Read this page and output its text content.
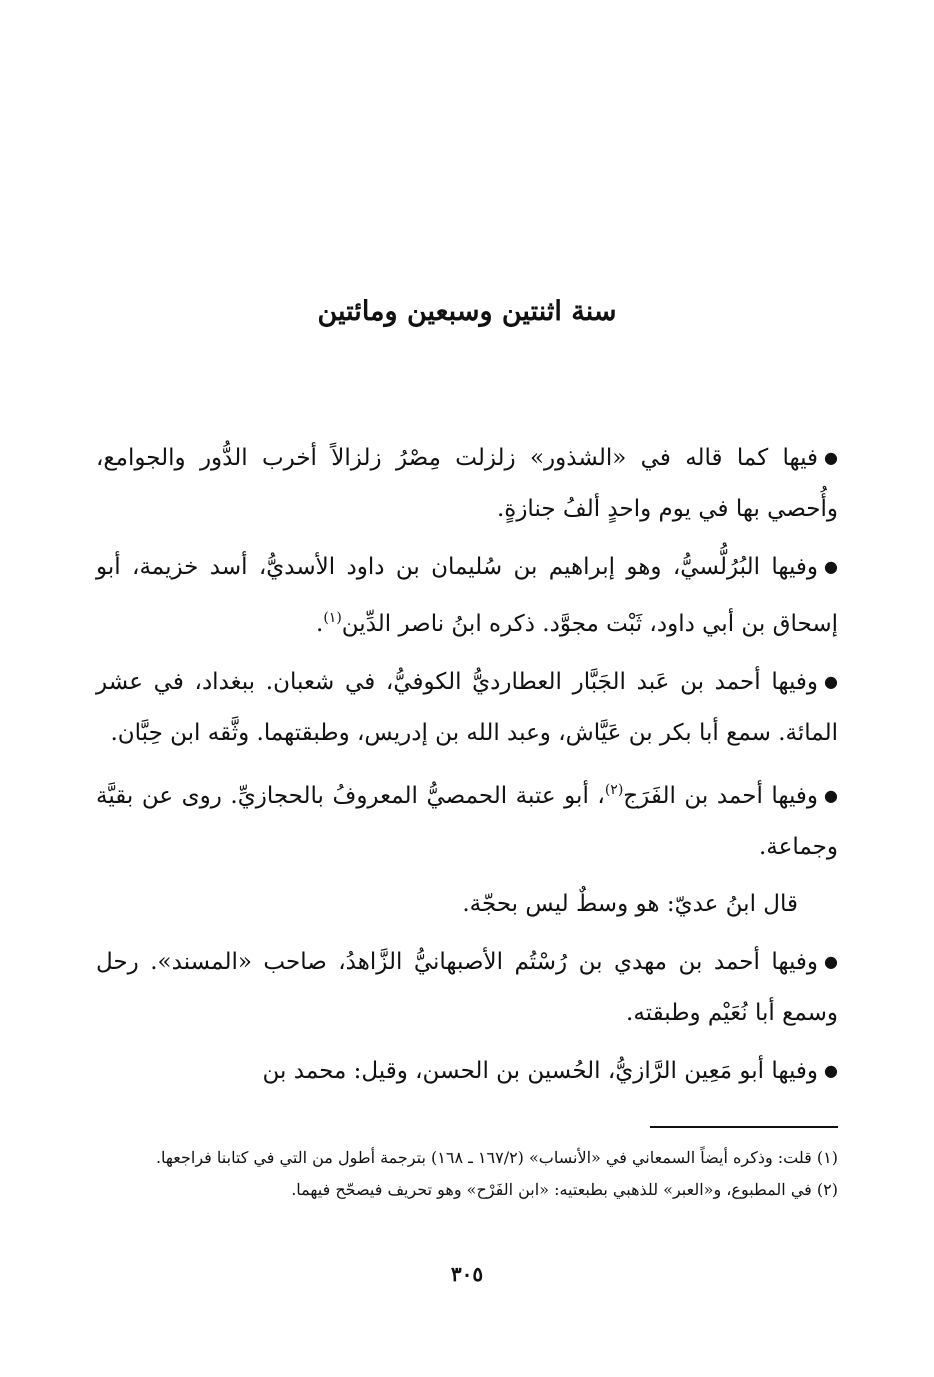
سنة اثنتين وسبعين ومائتين

●فيها كما قاله في «الشذور» زلزلت مِصْرُ زلزالاً أخرب الدُّور والجوامع، وأُحصي بها في يوم واحدٍ ألفُ جنازةٍ.

●وفيها البُرُلُّسيُّ، وهو إبراهيم بن سُليمان بن داود الأسديُّ، أسد خزيمة، أبو إسحاق بن أبي داود، ثَبْت مجوَّد. ذكره ابنُ ناصر الدِّين$^{(١)}$.

●وفيها أحمد بن عَبد الجَبَّار العطارديُّ الكوفيُّ، في شعبان. ببغداد، في عشر المائة. سمع أبا بكر بن عَيَّاش، وعبد الله بن إدريس، وطبقتهما. وثَّقه ابن حِبَّان.

●وفيها أحمد بن الفَرَج$^{(٢)}$، أبو عتبة الحمصيُّ المعروفُ بالحجازيِّ. روى عن بقيَّة وجماعة.

قال ابنُ عديّ: هو وسطٌ ليس بحجّة.

●وفيها أحمد بن مهدي بن رُسْتُم الأصبهانيُّ الزَّاهدُ، صاحب «المسند». رحل وسمع أبا نُعَيْم وطبقته.

●وفيها أبو مَعِين الرَّازيُّ، الحُسين بن الحسن، وقيل: محمد بن

(١) قلت: وذكره أيضاً السمعاني في «الأنساب» (١٦٧/٢ ـ ١٦٨) بترجمة أطول من التي في كتابنا فراجعها.

(٢) في المطبوع، و«العبر» للذهبي بطبعتيه: «ابن الفَرْح» وهو تحريف فيصحّح فيهما.

٣٠٥
